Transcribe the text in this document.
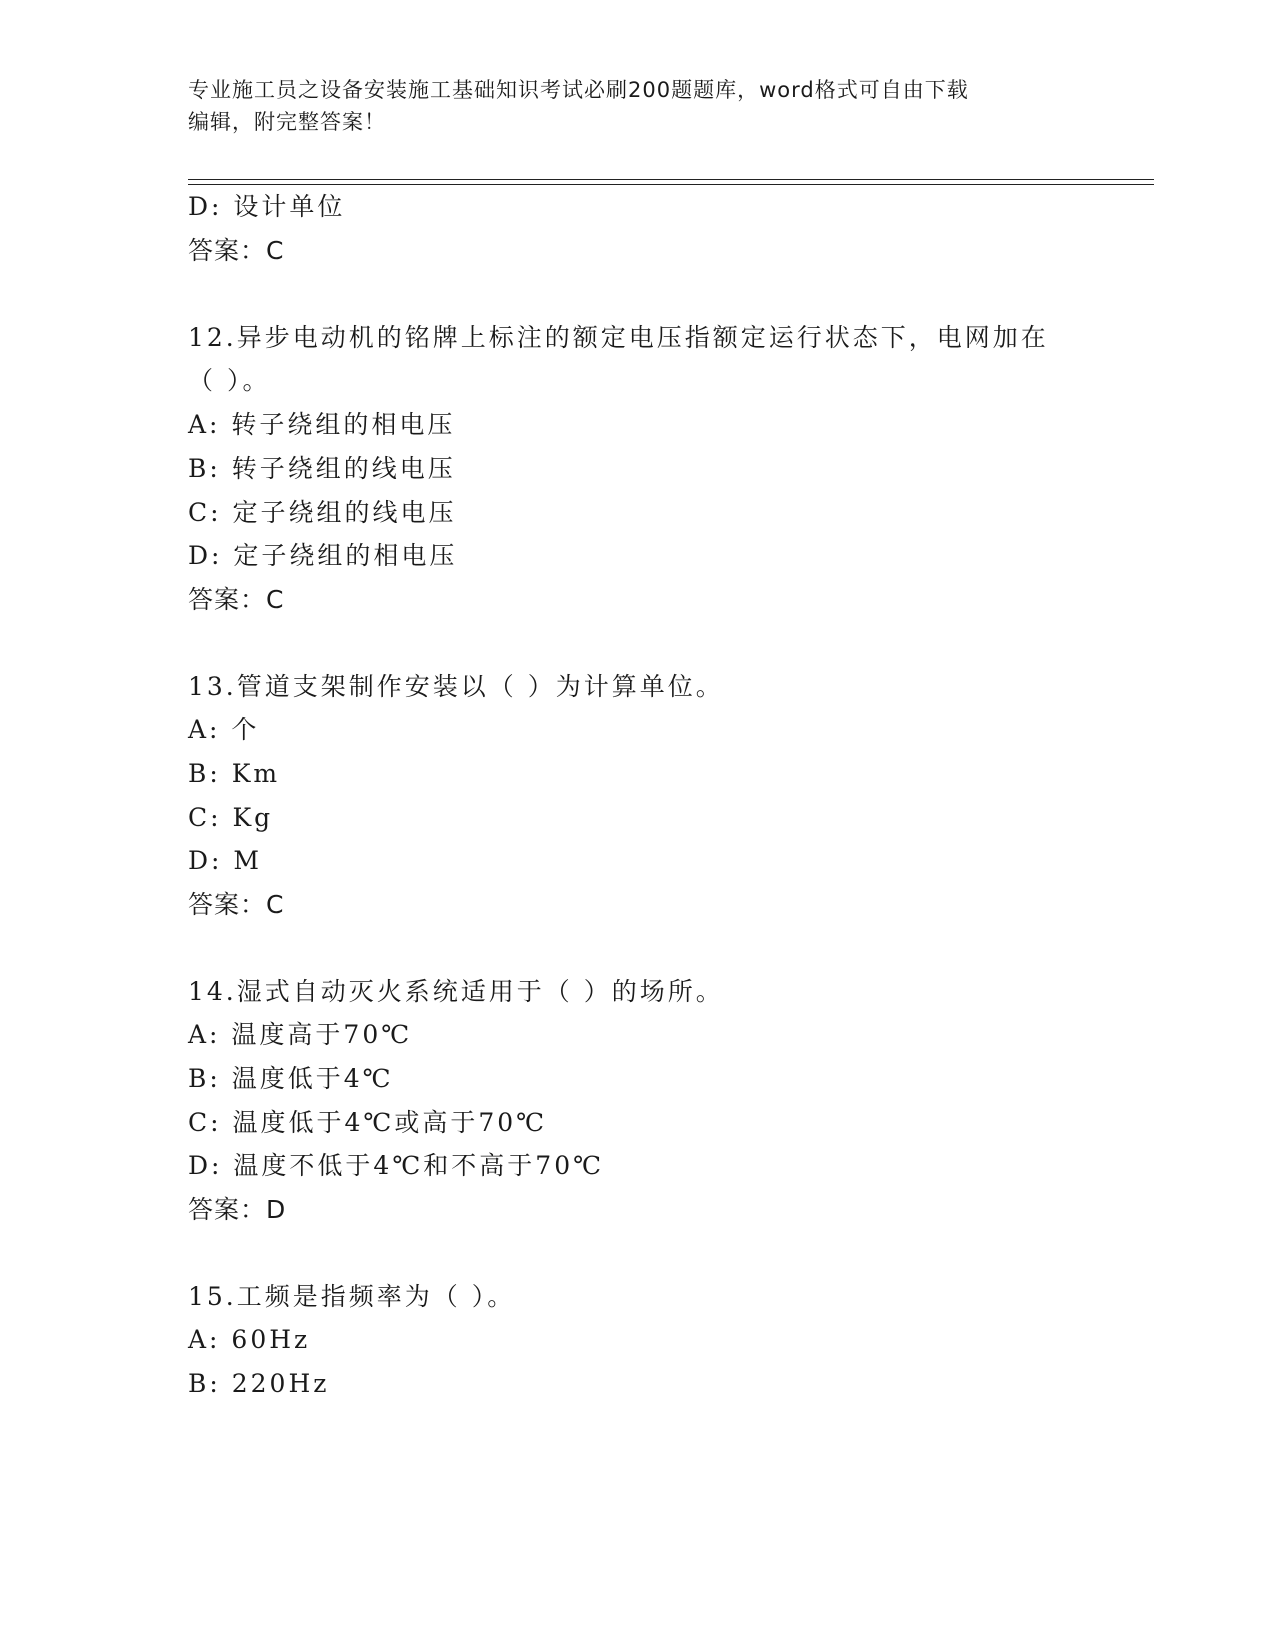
专业施工员之设备安装施工基础知识考试必刷200题题库，word格式可自由下载
编辑，附完整答案！
D: 设计单位
答案：C
12.异步电动机的铭牌上标注的额定电压指额定运行状态下，电网加在
（ ）。
A: 转子绕组的相电压
B: 转子绕组的线电压
C: 定子绕组的线电压
D: 定子绕组的相电压
答案：C
13.管道支架制作安装以（ ）为计算单位。
A: 个
B: Km
C: Kg
D: M
答案：C
14.湿式自动灭火系统适用于（ ）的场所。
A: 温度高于70℃
B: 温度低于4℃
C: 温度低于4℃或高于70℃
D: 温度不低于4℃和不高于70℃
答案：D
15.工频是指频率为（ ）。
A: 60Hz
B: 220Hz
